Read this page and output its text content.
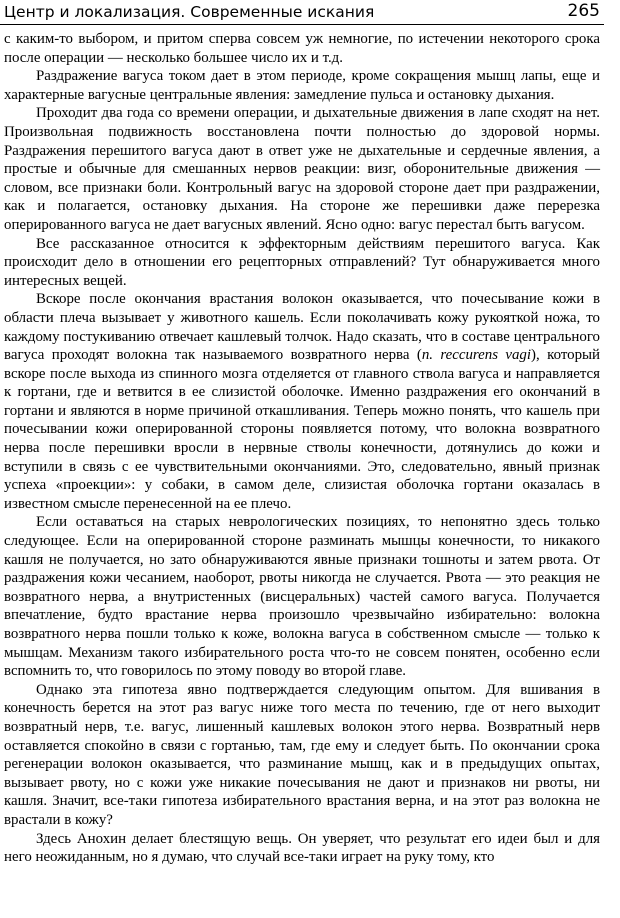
Центр и локализация. Современные искания	265

с каким-то выбором, и притом сперва совсем уж немногие, по истечении некоторого срока после операции — несколько большее число их и т.д.

Раздражение вагуса током дает в этом периоде, кроме сокращения мышц лапы, еще и характерные вагусные центральные явления: замедление пульса и остановку дыхания.

Проходит два года со времени операции, и дыхательные движения в лапе сходят на нет. Произвольная подвижность восстановлена почти полностью до здоровой нормы. Раздражения перешитого вагуса дают в ответ уже не дыхательные и сердечные явления, а простые и обычные для смешанных нервов реакции: визг, оборонительные движения — словом, все признаки боли. Контрольный вагус на здоровой стороне дает при раздражении, как и полагается, остановку дыхания. На стороне же перешивки даже перерезка оперированного вагуса не дает вагусных явлений. Ясно одно: вагус перестал быть вагусом.

Все рассказанное относится к эффекторным действиям перешитого вагуса. Как происходит дело в отношении его рецепторных отправлений? Тут обнаруживается много интересных вещей.

Вскоре после окончания врастания волокон оказывается, что почесывание кожи в области плеча вызывает у животного кашель. Если поколачивать кожу рукояткой ножа, то каждому постукиванию отвечает кашлевый толчок. Надо сказать, что в составе центрального вагуса проходят волокна так называемого возвратного нерва (n. reccurens vagi), который вскоре после выхода из спинного мозга отделяется от главного ствола вагуса и направляется к гортани, где и ветвится в ее слизистой оболочке. Именно раздражения его окончаний в гортани и являются в норме причиной откашливания. Теперь можно понять, что кашель при почесывании кожи оперированной стороны появляется потому, что волокна возвратного нерва после перешивки вросли в нервные стволы конечности, дотянулись до кожи и вступили в связь с ее чувствительными окончаниями. Это, следовательно, явный признак успеха «проекции»: у собаки, в самом деле, слизистая оболочка гортани оказалась в известном смысле перенесенной на ее плечо.

Если оставаться на старых неврологических позициях, то непонятно здесь только следующее. Если на оперированной стороне разминать мышцы конечности, то никакого кашля не получается, но зато обнаруживаются явные признаки тошноты и затем рвота. От раздражения кожи чесанием, наоборот, рвоты никогда не случается. Рвота — это реакция не возвратного нерва, а внутристенных (висцеральных) частей самого вагуса. Получается впечатление, будто врастание нерва произошло чрезвычайно избирательно: волокна возвратного нерва пошли только к коже, волокна вагуса в собственном смысле — только к мышцам. Механизм такого избирательного роста что-то не совсем понятен, особенно если вспомнить то, что говорилось по этому поводу во второй главе.

Однако эта гипотеза явно подтверждается следующим опытом. Для вшивания в конечность берется на этот раз вагус ниже того места по течению, где от него выходит возвратный нерв, т.е. вагус, лишенный кашлевых волокон этого нерва. Возвратный нерв оставляется спокойно в связи с гортанью, там, где ему и следует быть. По окончании срока регенерации волокон оказывается, что разминание мышц, как и в предыдущих опытах, вызывает рвоту, но с кожи уже никакие почесывания не дают и признаков ни рвоты, ни кашля. Значит, все-таки гипотеза избирательного врастания верна, и на этот раз волокна не врастали в кожу?

Здесь Анохин делает блестящую вещь. Он уверяет, что результат его идеи был и для него неожиданным, но я думаю, что случай все-таки играет на руку тому, кто
